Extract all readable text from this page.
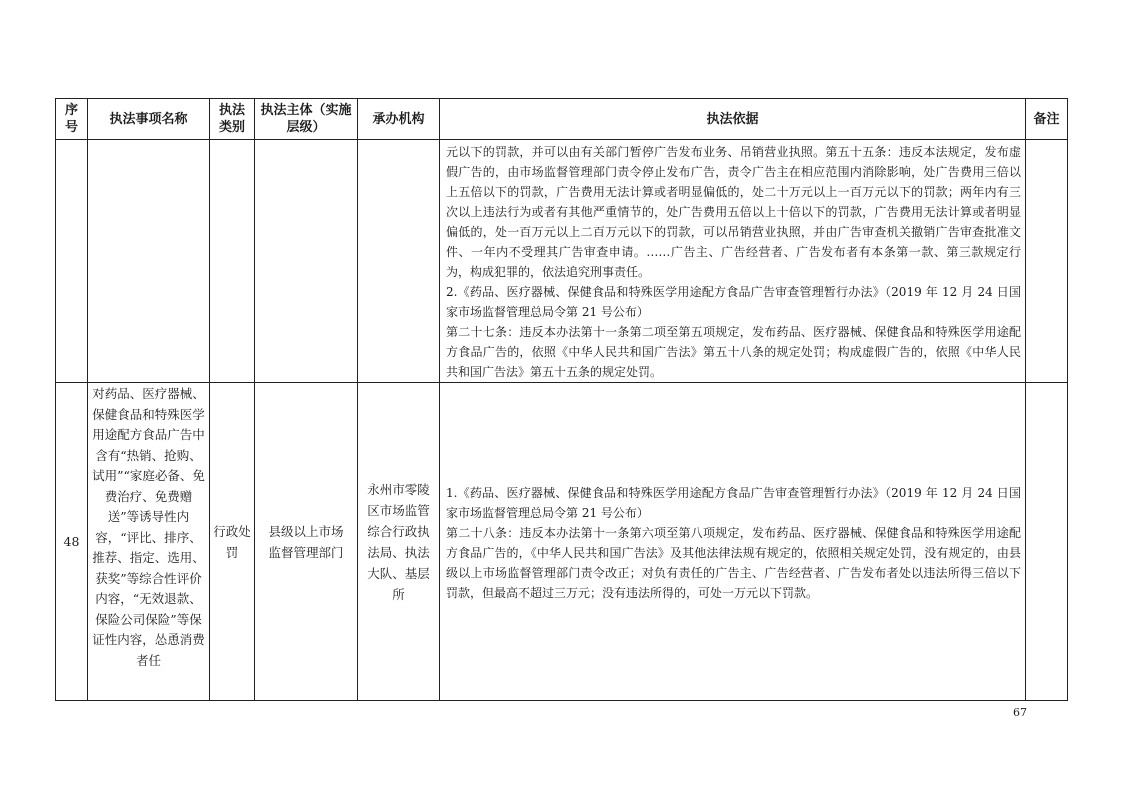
序号	执法事项名称	执法类别	执法主体（实施层级）	承办机构	执法依据	备注

					元以下的罚款，并可以由有关部门暂停广告发布业务、吊销营业执照。第五十五条：违反本法规定，发布虚假广告的，由市场监督管理部门责令停止发布广告，责令广告主在相应范围内消除影响，处广告费用三倍以上五倍以下的罚款，广告费用无法计算或者明显偏低的，处二十万元以上一百万元以下的罚款；两年内有三次以上违法行为或者有其他严重情节的，处广告费用五倍以上十倍以下的罚款，广告费用无法计算或者明显偏低的，处一百万元以上二百万元以下的罚款，可以吊销营业执照，并由广告审查机关撤销广告审查批准文件、一年内不受理其广告审查申请。……广告主、广告经营者、广告发布者有本条第一款、第三款规定行为，构成犯罪的，依法追究刑事责任。
2.《药品、医疗器械、保健食品和特殊医学用途配方食品广告审查管理暂行办法》（2019 年 12 月 24 日国家市场监督管理总局令第 21 号公布）
第二十七条：违反本办法第十一条第二项至第五项规定，发布药品、医疗器械、保健食品和特殊医学用途配方食品广告的，依照《中华人民共和国广告法》第五十八条的规定处罚；构成虚假广告的，依照《中华人民共和国广告法》第五十五条的规定处罚。	

48	对药品、医疗器械、保健食品和特殊医学用途配方食品广告中含有“热销、抢购、试用”“家庭必备、免费治疗、免费赠送”等诱导性内容，“评比、排序、推荐、指定、选用、获奖”等综合性评价内容，“无效退款、保险公司保险”等保证性内容，怂恿消费者任	行政处罚	县级以上市场监督管理部门	永州市零陵区市场监管综合行政执法局、执法大队、基层所	1.《药品、医疗器械、保健食品和特殊医学用途配方食品广告审查管理暂行办法》（2019 年 12 月 24 日国家市场监督管理总局令第 21 号公布）
第二十八条：违反本办法第十一条第六项至第八项规定，发布药品、医疗器械、保健食品和特殊医学用途配方食品广告的，《中华人民共和国广告法》及其他法律法规有规定的，依照相关规定处罚，没有规定的，由县级以上市场监督管理部门责令改正；对负有责任的广告主、广告经营者、广告发布者处以违法所得三倍以下罚款，但最高不超过三万元；没有违法所得的，可处一万元以下罚款。	

67
